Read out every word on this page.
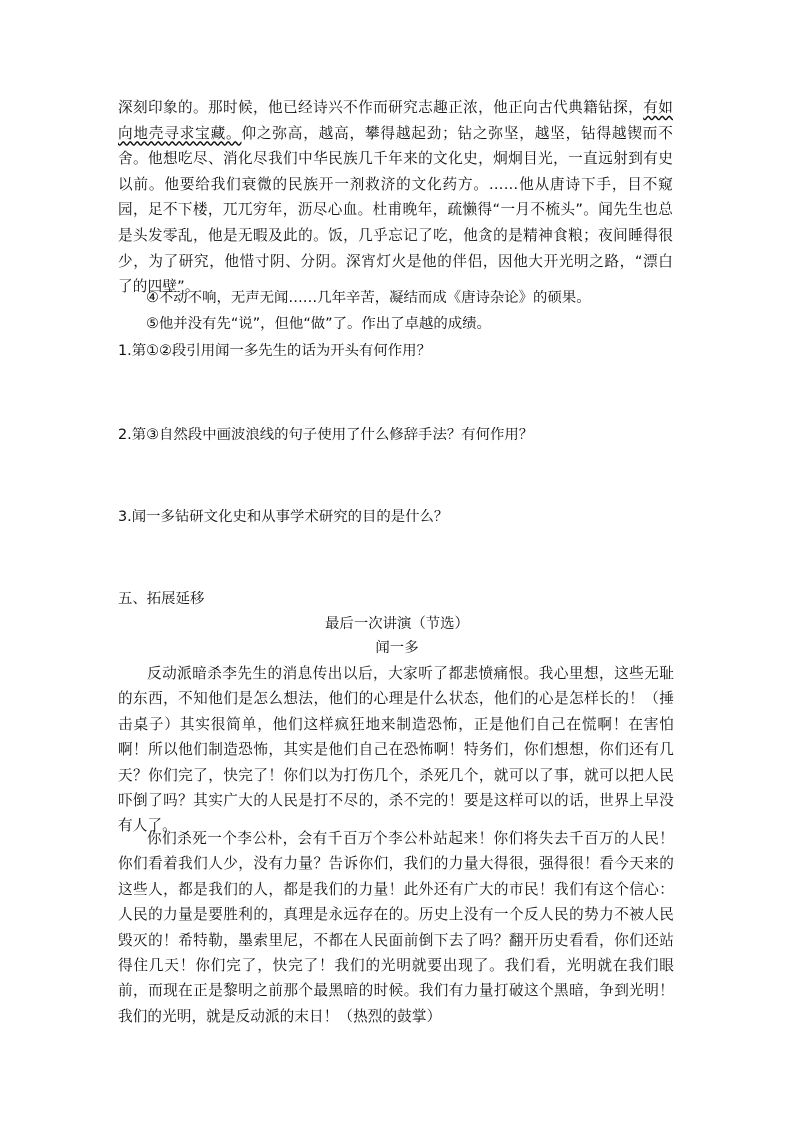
深刻印象的。那时候，他已经诗兴不作而研究志趣正浓，他正向古代典籍钻探，有如向地壳寻求宝藏。仰之弥高，越高，攀得越起劲；钻之弥坚，越坚，钻得越锲而不舍。他想吃尽、消化尽我们中华民族几千年来的文化史，炯炯目光，一直远射到有史以前。他要给我们衰微的民族开一剂救济的文化药方。……他从唐诗下手，目不窥园，足不下楼，兀兀穷年，沥尽心血。杜甫晚年，疏懒得“一月不梳头”。闻先生也总是头发零乱，他是无暇及此的。饭，几乎忘记了吃，他贪的是精神食粮；夜间睡得很少，为了研究，他惜寸阴、分阴。深宵灯火是他的伴侣，因他大开光明之路，“漂白了的四壁”。
④不动不响，无声无闻……几年辛苦，凝结而成《唐诗杂论》的硕果。
⑤他并没有先“说”，但他“做”了。作出了卓越的成绩。
1.第①②段引用闻一多先生的话为开头有何作用？
2.第③自然段中画波浪线的句子使用了什么修辞手法？有何作用？
3.闻一多钻研文化史和从事学术研究的目的是什么？
五、拓展延移
最后一次讲演（节选）
闻一多
反动派暗杀李先生的消息传出以后，大家听了都悲愤痛恨。我心里想，这些无耻的东西，不知他们是怎么想法，他们的心理是什么状态，他们的心是怎样长的！（捶击桌子）其实很简单，他们这样疯狂地来制造恐怖，正是他们自己在慌啊！在害怕啊！所以他们制造恐怖，其实是他们自己在恐怖啊！特务们，你们想想，你们还有几天？你们完了，快完了！你们以为打伤几个，杀死几个，就可以了事，就可以把人民吓倒了吗？其实广大的人民是打不尽的，杀不完的！要是这样可以的话，世界上早没有人了。
你们杀死一个李公朴，会有千百万个李公朴站起来！你们将失去千百万的人民！你们看着我们人少，没有力量？告诉你们，我们的力量大得很，强得很！看今天来的这些人，都是我们的人，都是我们的力量！此外还有广大的市民！我们有这个信心：人民的力量是要胜利的，真理是永远存在的。历史上没有一个反人民的势力不被人民毁灭的！希特勒，墨索里尼，不都在人民面前倒下去了吗？翻开历史看看，你们还站得住几天！你们完了，快完了！我们的光明就要出现了。我们看，光明就在我们眼前，而现在正是黎明之前那个最黑暗的时候。我们有力量打破这个黑暗，争到光明！我们的光明，就是反动派的末日！（热烈的鼓掌）
